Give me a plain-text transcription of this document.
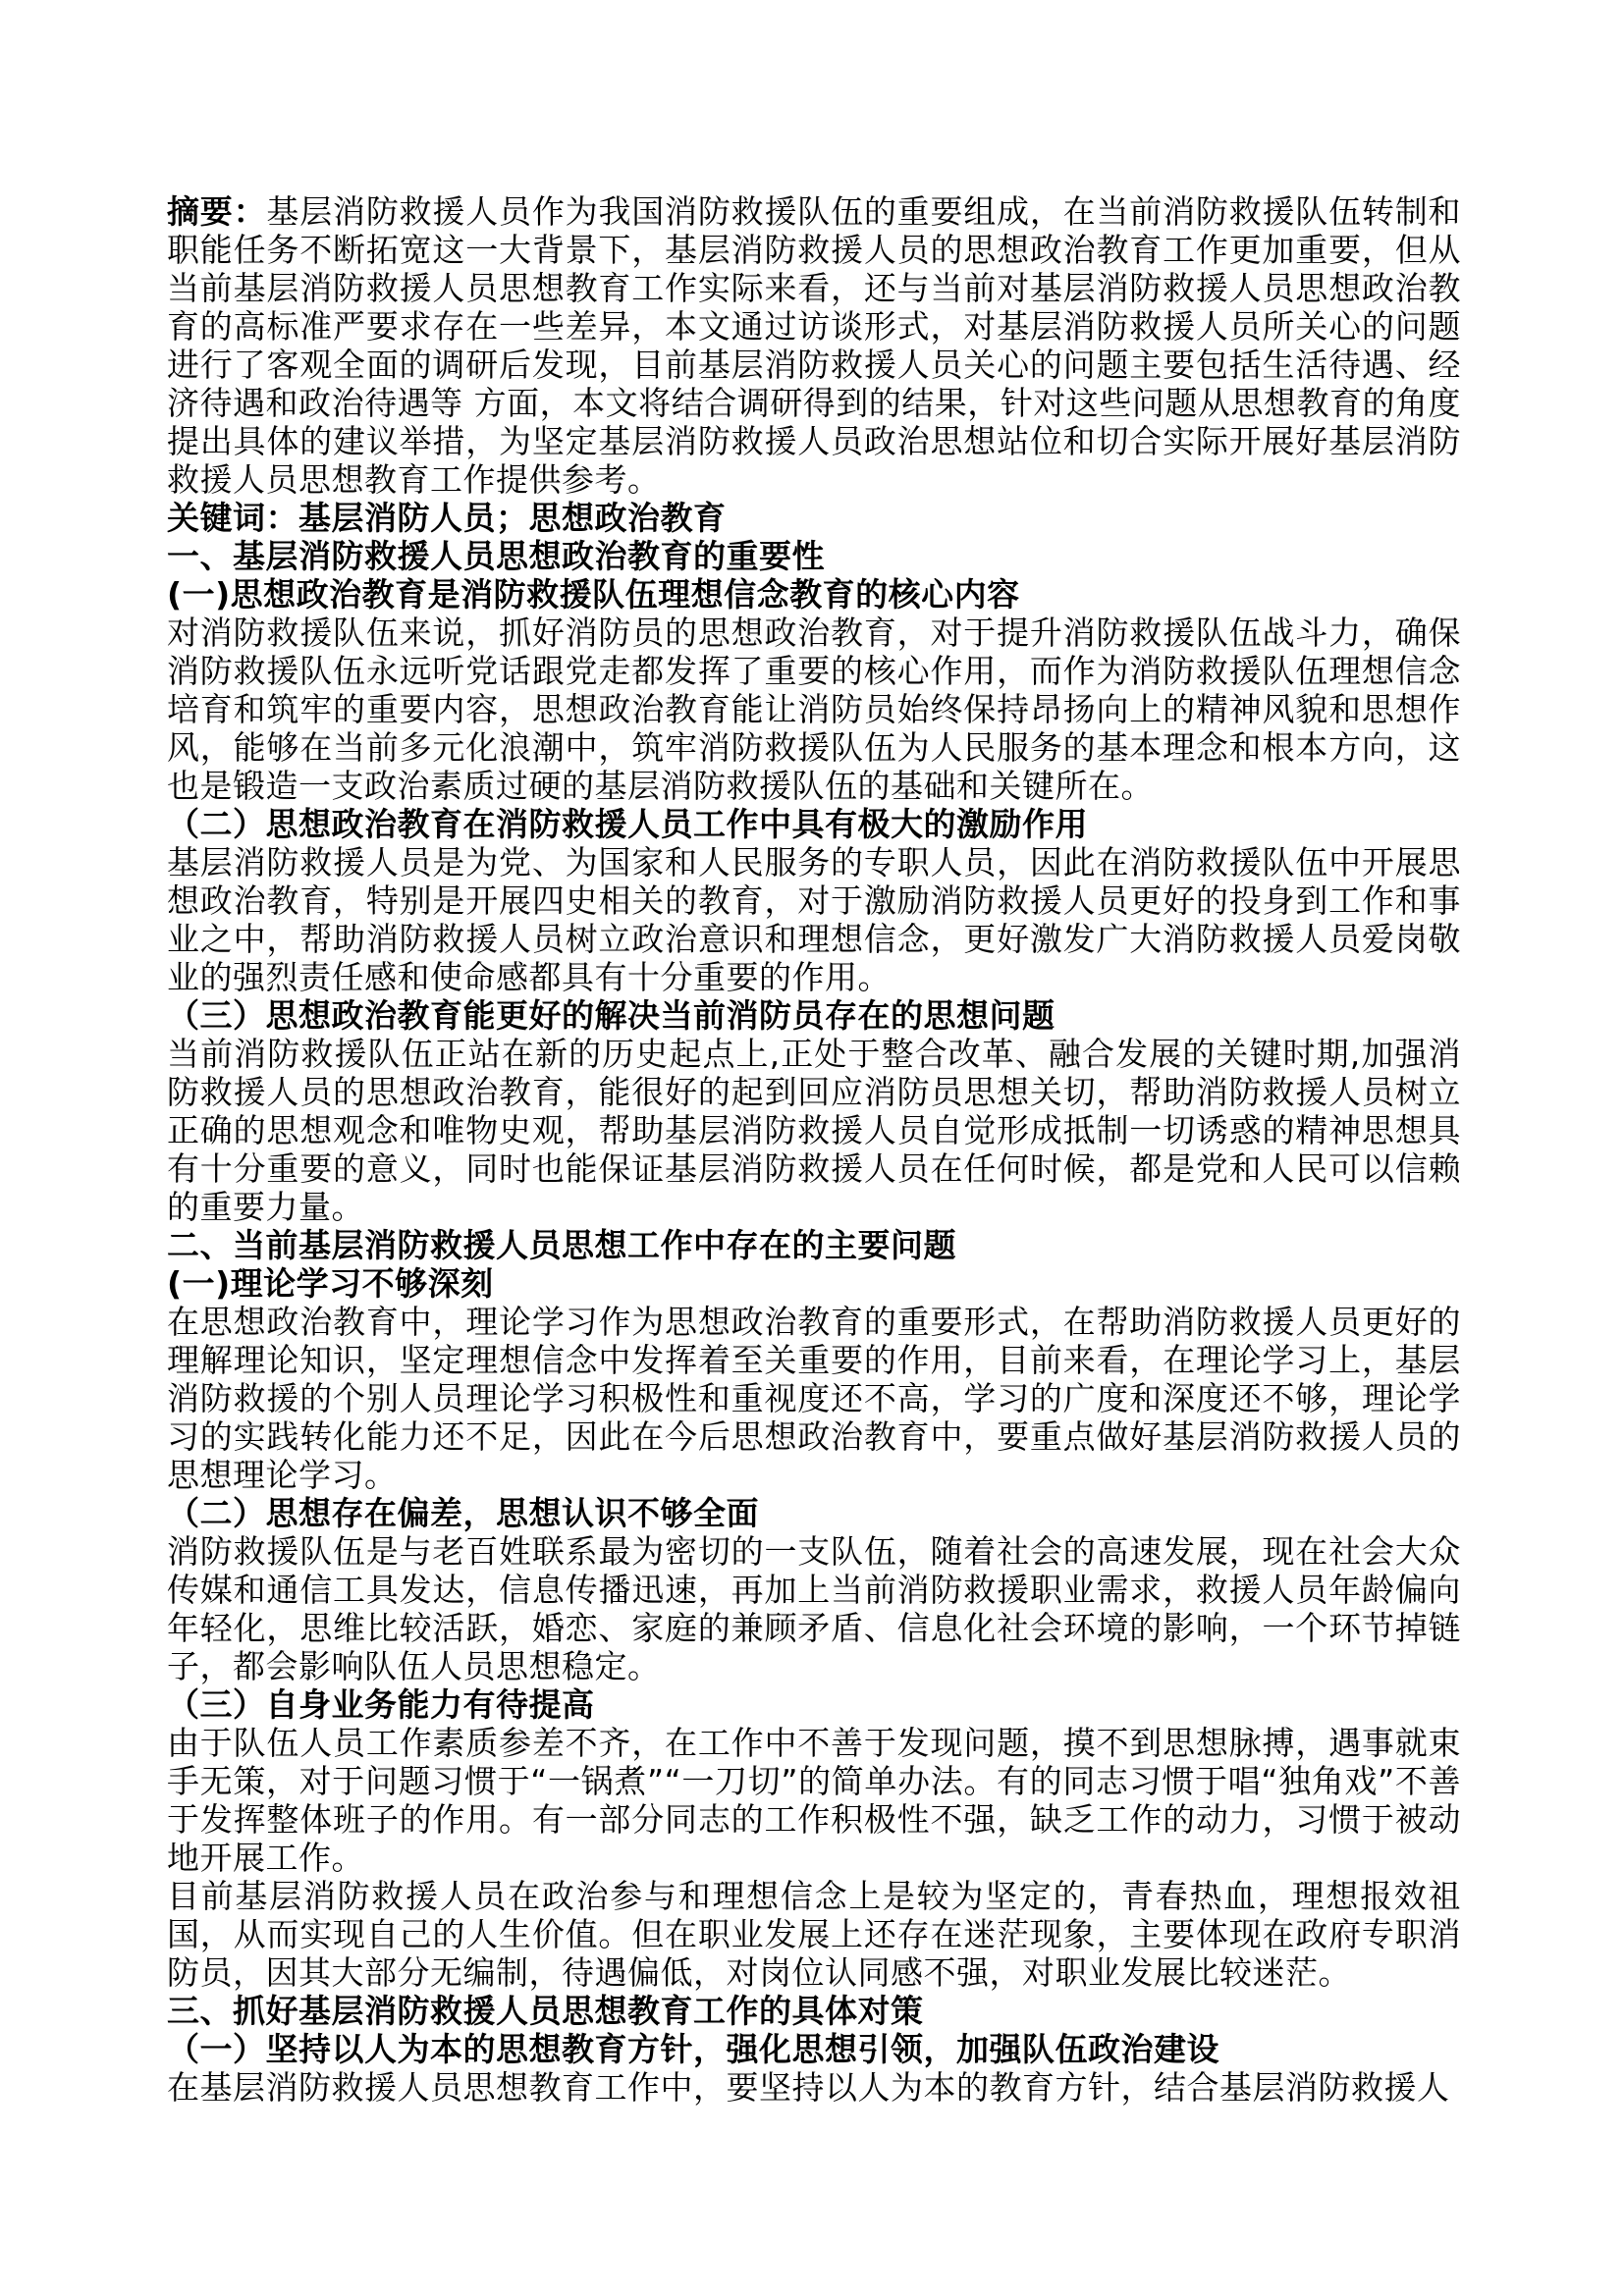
摘要：基层消防救援人员作为我国消防救援队伍的重要组成，在当前消防救援队伍转制和职能任务不断拓宽这一大背景下，基层消防救援人员的思想政治教育工作更加重要，但从当前基层消防救援人员思想教育工作实际来看，还与当前对基层消防救援人员思想政治教育的高标准严要求存在一些差异，本文通过访谈形式，对基层消防救援人员所关心的问题进行了客观全面的调研后发现，目前基层消防救援人员关心的问题主要包括生活待遇、经济待遇和政治待遇等 方面，本文将结合调研得到的结果，针对这些问题从思想教育的角度提出具体的建议举措，为坚定基层消防救援人员政治思想站位和切合实际开展好基层消防救援人员思想教育工作提供参考。

关键词：基层消防人员；思想政治教育

一、基层消防救援人员思想政治教育的重要性

(一)思想政治教育是消防救援队伍理想信念教育的核心内容

对消防救援队伍来说，抓好消防员的思想政治教育，对于提升消防救援队伍战斗力，确保消防救援队伍永远听党话跟党走都发挥了重要的核心作用，而作为消防救援队伍理想信念培育和筑牢的重要内容，思想政治教育能让消防员始终保持昂扬向上的精神风貌和思想作风，能够在当前多元化浪潮中，筑牢消防救援队伍为人民服务的基本理念和根本方向，这也是锻造一支政治素质过硬的基层消防救援队伍的基础和关键所在。

（二）思想政治教育在消防救援人员工作中具有极大的激励作用

基层消防救援人员是为党、为国家和人民服务的专职人员，因此在消防救援队伍中开展思想政治教育，特别是开展四史相关的教育，对于激励消防救援人员更好的投身到工作和事业之中，帮助消防救援人员树立政治意识和理想信念，更好激发广大消防救援人员爱岗敬业的强烈责任感和使命感都具有十分重要的作用。

（三）思想政治教育能更好的解决当前消防员存在的思想问题

当前消防救援队伍正站在新的历史起点上,正处于整合改革、融合发展的关键时期,加强消防救援人员的思想政治教育，能很好的起到回应消防员思想关切，帮助消防救援人员树立正确的思想观念和唯物史观，帮助基层消防救援人员自觉形成抵制一切诱惑的精神思想具有十分重要的意义，同时也能保证基层消防救援人员在任何时候，都是党和人民可以信赖的重要力量。

二、当前基层消防救援人员思想工作中存在的主要问题

(一)理论学习不够深刻

在思想政治教育中，理论学习作为思想政治教育的重要形式，在帮助消防救援人员更好的理解理论知识，坚定理想信念中发挥着至关重要的作用，目前来看，在理论学习上，基层消防救援的个别人员理论学习积极性和重视度还不高，学习的广度和深度还不够，理论学习的实践转化能力还不足，因此在今后思想政治教育中，要重点做好基层消防救援人员的思想理论学习。

（二）思想存在偏差，思想认识不够全面

消防救援队伍是与老百姓联系最为密切的一支队伍，随着社会的高速发展，现在社会大众传媒和通信工具发达，信息传播迅速，再加上当前消防救援职业需求，救援人员年龄偏向年轻化，思维比较活跃，婚恋、家庭的兼顾矛盾、信息化社会环境的影响，一个环节掉链子，都会影响队伍人员思想稳定。

（三）自身业务能力有待提高

由于队伍人员工作素质参差不齐，在工作中不善于发现问题，摸不到思想脉搏，遇事就束手无策，对于问题习惯于“一锅煮”“一刀切”的简单办法。有的同志习惯于唱“独角戏”不善于发挥整体班子的作用。有一部分同志的工作积极性不强，缺乏工作的动力，习惯于被动地开展工作。

目前基层消防救援人员在政治参与和理想信念上是较为坚定的，青春热血，理想报效祖国，从而实现自己的人生价值。但在职业发展上还存在迷茫现象，主要体现在政府专职消防员，因其大部分无编制，待遇偏低，对岗位认同感不强，对职业发展比较迷茫。

三、抓好基层消防救援人员思想教育工作的具体对策

（一）坚持以人为本的思想教育方针，强化思想引领，加强队伍政治建设

在基层消防救援人员思想教育工作中，要坚持以人为本的教育方针，结合基层消防救援人
